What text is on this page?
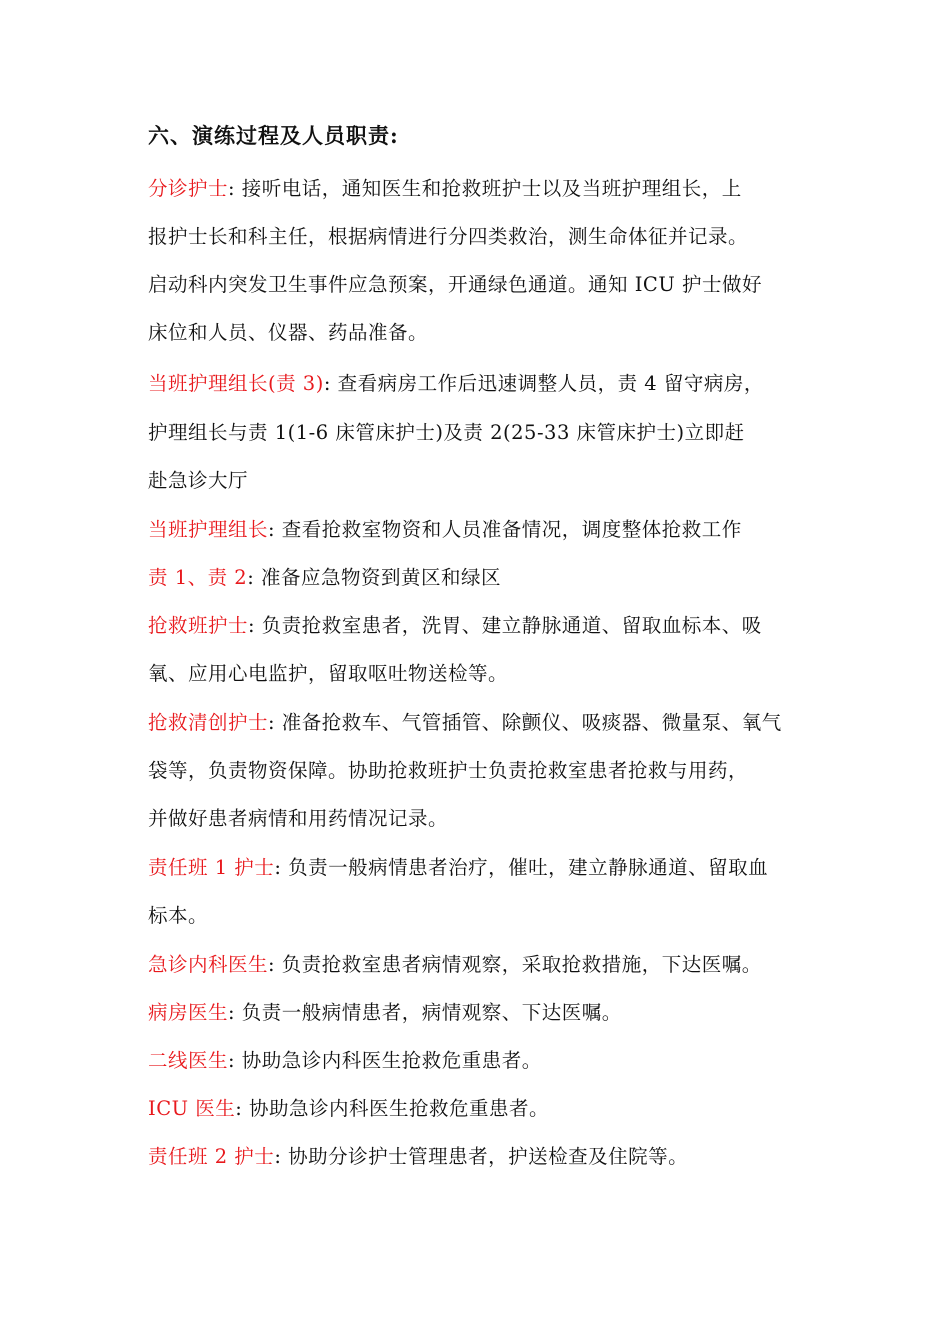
六、演练过程及人员职责:
分诊护士: 接听电话，通知医生和抢救班护士以及当班护理组长，上
报护士长和科主任，根据病情进行分四类救治，测生命体征并记录。
启动科内突发卫生事件应急预案，开通绿色通道。通知 ICU 护士做好
床位和人员、仪器、药品准备。
当班护理组长(责 3): 查看病房工作后迅速调整人员，责 4 留守病房，
护理组长与责 1(1-6 床管床护士)及责 2(25-33 床管床护士)立即赶
赴急诊大厅
当班护理组长: 查看抢救室物资和人员准备情况，调度整体抢救工作
责 1、责 2: 准备应急物资到黄区和绿区
抢救班护士: 负责抢救室患者，洗胃、建立静脉通道、留取血标本、吸
氧、应用心电监护，留取呕吐物送检等。
抢救清创护士: 准备抢救车、气管插管、除颤仪、吸痰器、微量泵、氧气
袋等，负责物资保障。协助抢救班护士负责抢救室患者抢救与用药，
并做好患者病情和用药情况记录。
责任班 1 护士: 负责一般病情患者治疗，催吐，建立静脉通道、留取血
标本。
急诊内科医生: 负责抢救室患者病情观察，采取抢救措施，下达医嘱。
病房医生: 负责一般病情患者，病情观察、下达医嘱。
二线医生: 协助急诊内科医生抢救危重患者。
ICU 医生: 协助急诊内科医生抢救危重患者。
责任班 2 护士: 协助分诊护士管理患者，护送检查及住院等。
